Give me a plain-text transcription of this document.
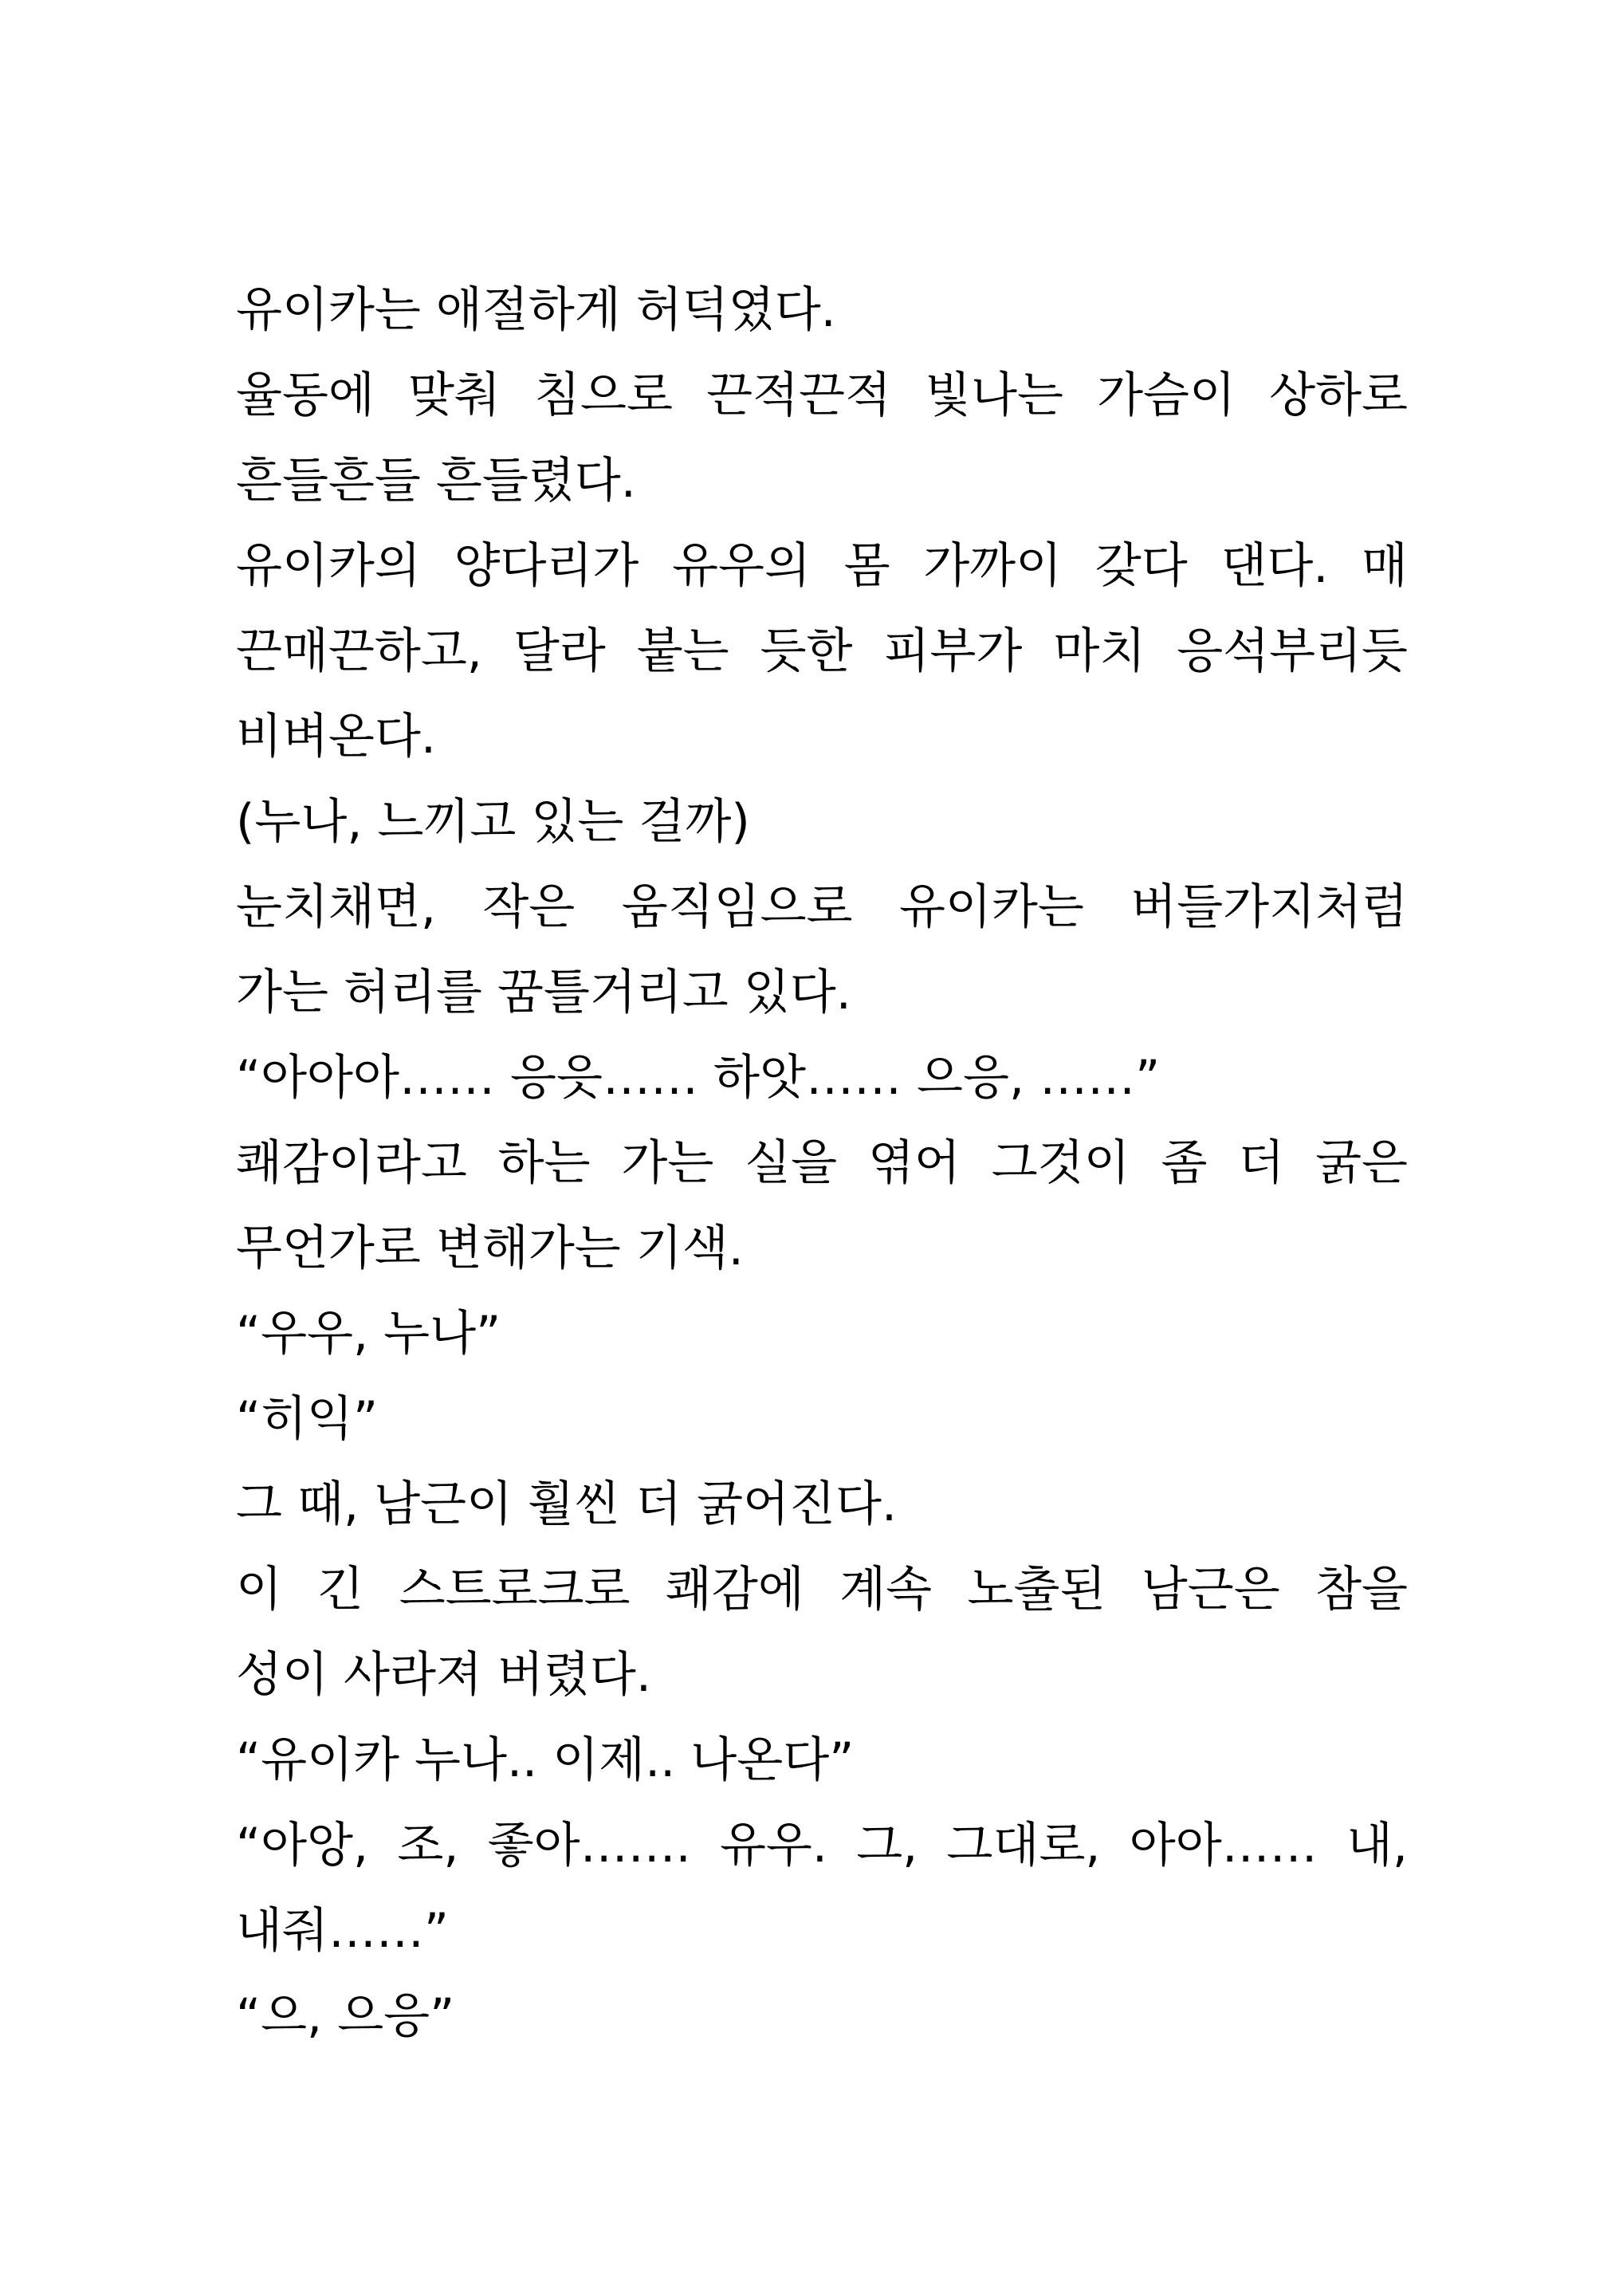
유이카는 애절하게 허덕였다.
율동에 맞춰 침으로 끈적끈적 빛나는 가슴이 상하로
흔들흔들 흔들렸다.
유이카의 양다리가 유우의 몸 가까이 갖다 댄다. 매
끈매끈하고, 달라 붙는 듯한 피부가 마치 응석부리듯
비벼온다.
(누나, 느끼고 있는 걸까)
눈치채면, 작은 움직임으로 유이카는 버들가지처럼
가는 허리를 꿈틀거리고 있다.
“아아아…… 응읏…… 하앗…… 으응, ……”
쾌감이라고 하는 가는 실을 엮어 그것이 좀 더 굵은
무언가로 변해가는 기색.
“우우, 누나”
“히익”
그 때, 남근이 훨씬 더 굵어진다.
이 긴 스트로크로 쾌감에 계속 노출된 남근은 참을
성이 사라져 버렸다.
“유이카 누나.. 이제.. 나온다”
“아앙, 조, 좋아……. 유우. 그, 그대로, 아아…… 내,
내줘……”
“으, 으응”
